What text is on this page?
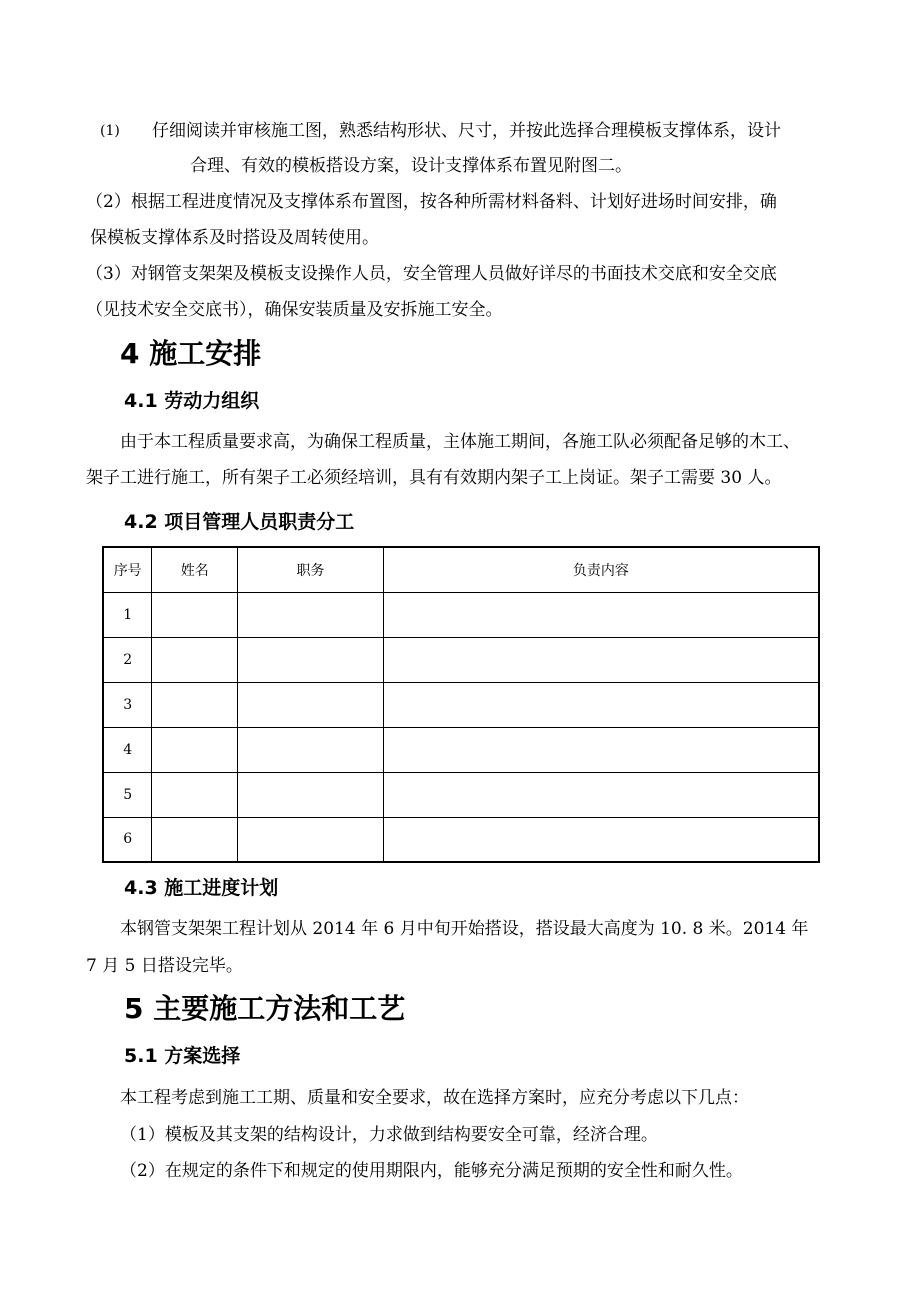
(1) 仔细阅读并审核施工图，熟悉结构形状、尺寸，并按此选择合理模板支撑体系，设计
合理、有效的模板搭设方案，设计支撑体系布置见附图二。
（2）根据工程进度情况及支撑体系布置图，按各种所需材料备料、计划好进场时间安排，确
保模板支撑体系及时搭设及周转使用。
（3）对钢管支架架及模板支设操作人员，安全管理人员做好详尽的书面技术交底和安全交底
（见技术安全交底书），确保安装质量及安拆施工安全。
4 施工安排
4.1 劳动力组织
由于本工程质量要求高，为确保工程质量，主体施工期间，各施工队必须配备足够的木工、
架子工进行施工，所有架子工必须经培训，具有有效期内架子工上岗证。架子工需要 30 人。
4.2 项目管理人员职责分工
序号	姓名	职务	负责内容
1			
2			
3			
4			
5			
6			
4.3 施工进度计划
本钢管支架架工程计划从 2014 年 6 月中旬开始搭设，搭设最大高度为 10. 8 米。2014 年
7 月 5 日搭设完毕。
5 主要施工方法和工艺
5.1 方案选择
本工程考虑到施工工期、质量和安全要求，故在选择方案时，应充分考虑以下几点：
（1）模板及其支架的结构设计，力求做到结构要安全可靠，经济合理。
（2）在规定的条件下和规定的使用期限内，能够充分满足预期的安全性和耐久性。
